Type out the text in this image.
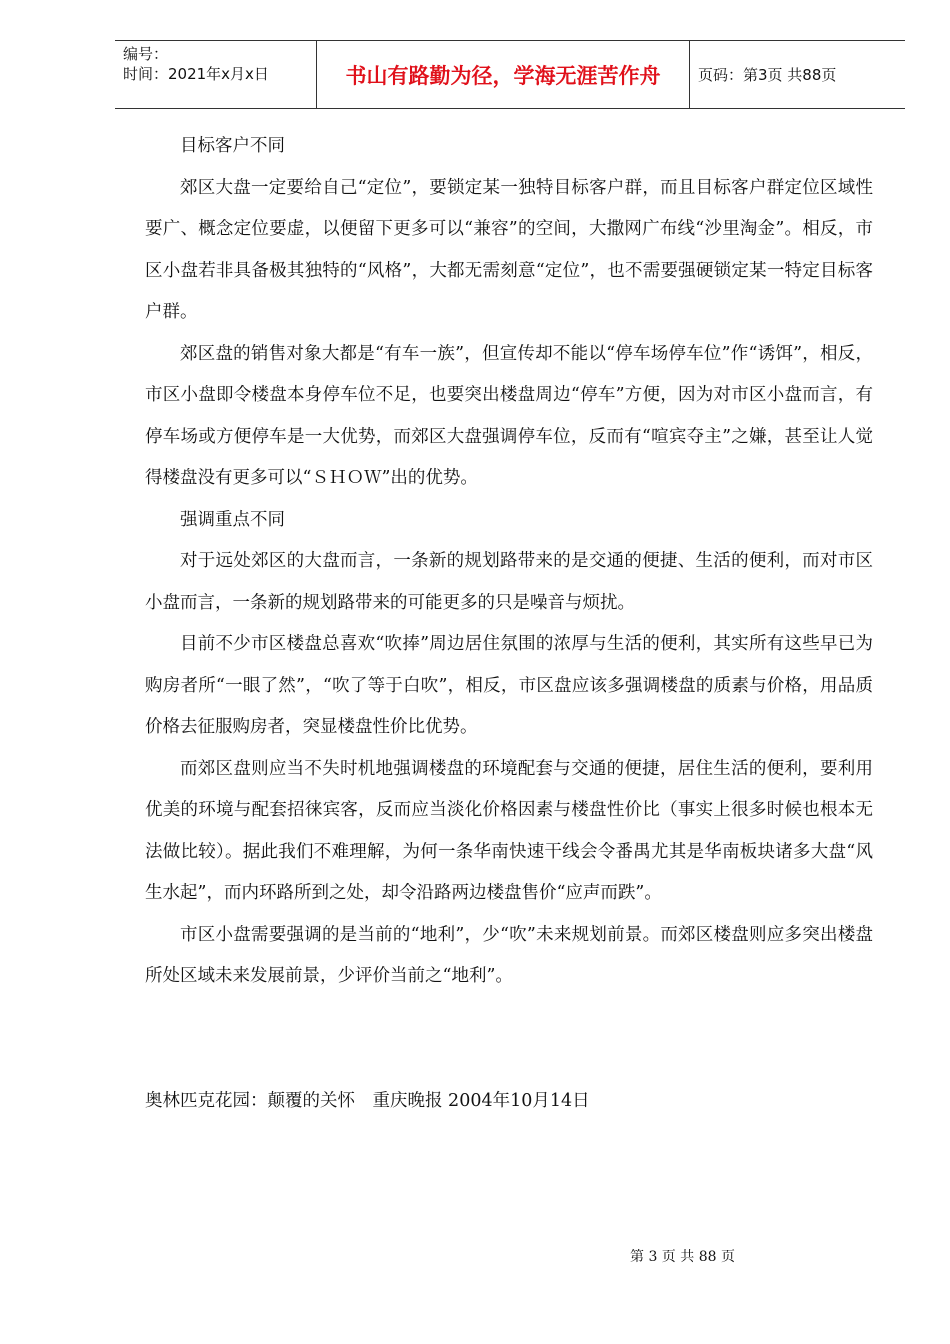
编号：
时间：2021年x月x日	书山有路勤为径，学海无涯苦作舟	页码：第3页 共88页

目标客户不同

郊区大盘一定要给自己“定位”，要锁定某一独特目标客户群，而且目标客户群定位区域性要广、概念定位要虚，以便留下更多可以“兼容”的空间，大撒网广布线“沙里淘金”。相反，市区小盘若非具备极其独特的“风格”，大都无需刻意“定位”，也不需要强硬锁定某一特定目标客户群。

郊区盘的销售对象大都是“有车一族”，但宣传却不能以“停车场停车位”作“诱饵”，相反，市区小盘即令楼盘本身停车位不足，也要突出楼盘周边“停车”方便，因为对市区小盘而言，有停车场或方便停车是一大优势，而郊区大盘强调停车位，反而有“喧宾夺主”之嫌，甚至让人觉得楼盘没有更多可以“ＳＨＯＷ”出的优势。

强调重点不同

对于远处郊区的大盘而言，一条新的规划路带来的是交通的便捷、生活的便利，而对市区小盘而言，一条新的规划路带来的可能更多的只是噪音与烦扰。

目前不少市区楼盘总喜欢“吹捧”周边居住氛围的浓厚与生活的便利，其实所有这些早已为购房者所“一眼了然”，“吹了等于白吹”，相反，市区盘应该多强调楼盘的质素与价格，用品质价格去征服购房者，突显楼盘性价比优势。

而郊区盘则应当不失时机地强调楼盘的环境配套与交通的便捷，居住生活的便利，要利用优美的环境与配套招徕宾客，反而应当淡化价格因素与楼盘性价比（事实上很多时候也根本无法做比较）。据此我们不难理解，为何一条华南快速干线会令番禺尤其是华南板块诸多大盘“风生水起”，而内环路所到之处，却令沿路两边楼盘售价“应声而跌”。

市区小盘需要强调的是当前的“地利”，少“吹”未来规划前景。而郊区楼盘则应多突出楼盘所处区域未来发展前景，少评价当前之“地利”。

奥林匹克花园：颠覆的关怀　重庆晚报 2004年10月14日

第 3 页 共 88 页
